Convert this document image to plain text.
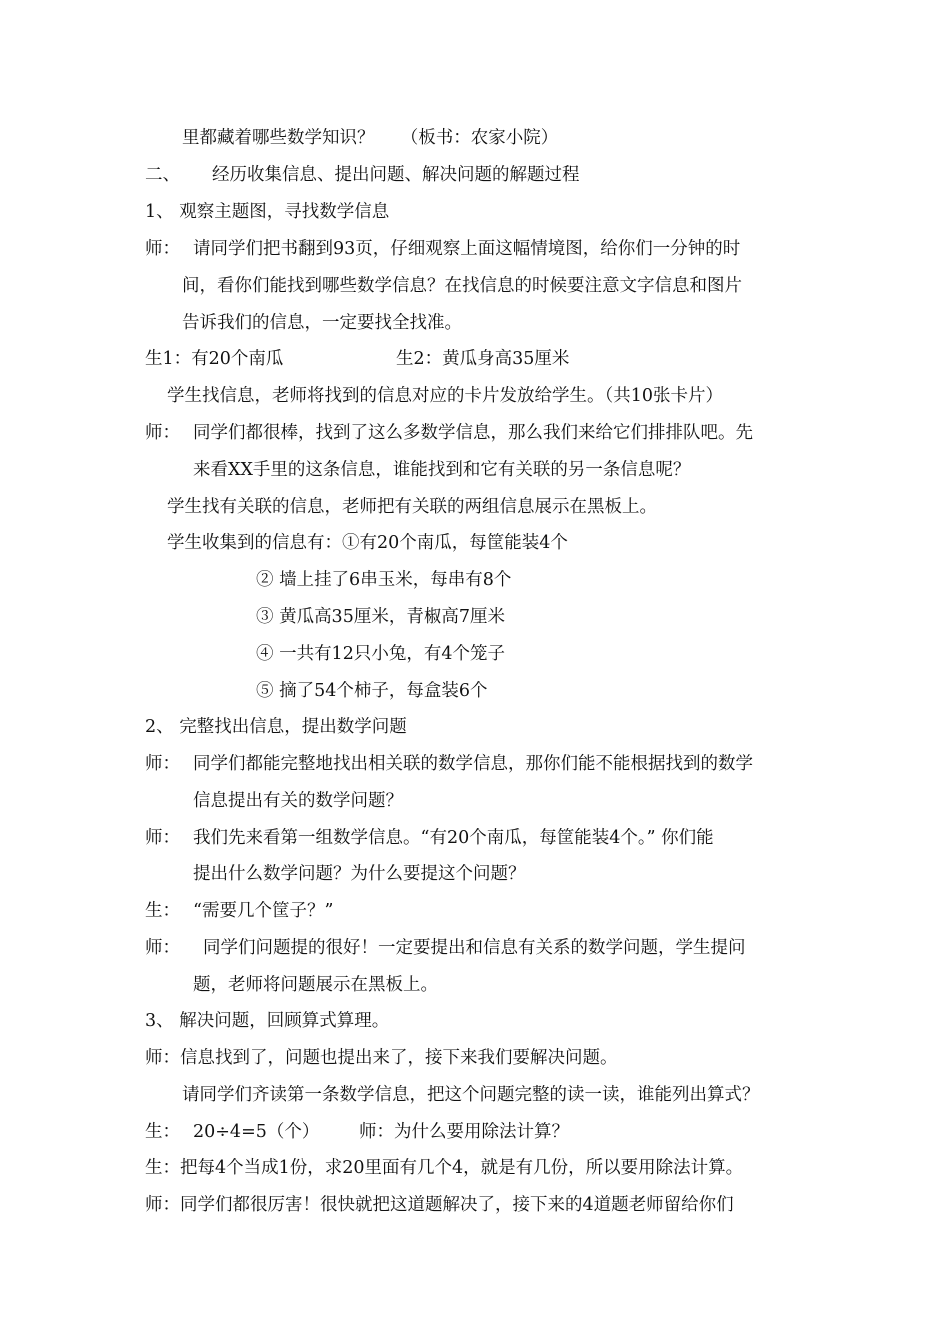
里都藏着哪些数学知识？　　（板书：农家小院）
二、 经历收集信息、提出问题、解决问题的解题过程
1、 观察主题图，寻找数学信息
师： 请同学们把书翻到93页，仔细观察上面这幅情境图，给你们一分钟的时
间，看你们能找到哪些数学信息？在找信息的时候要注意文字信息和图片
告诉我们的信息，一定要找全找准。
生1：有20个南瓜	生2：黄瓜身高35厘米
学生找信息，老师将找到的信息对应的卡片发放给学生。（共10张卡片）
师： 同学们都很棒，找到了这么多数学信息，那么我们来给它们排排队吧。先
来看XX手里的这条信息，谁能找到和它有关联的另一条信息呢？
学生找有关联的信息，老师把有关联的两组信息展示在黑板上。
学生收集到的信息有：①有20个南瓜，每筐能装4个
② 墙上挂了6串玉米，每串有8个
③ 黄瓜高35厘米，青椒高7厘米
④ 一共有12只小兔，有4个笼子
⑤ 摘了54个柿子，每盒装6个
2、 完整找出信息，提出数学问题
师： 同学们都能完整地找出相关联的数学信息，那你们能不能根据找到的数学
信息提出有关的数学问题？
师： 我们先来看第一组数学信息。“有20个南瓜，每筐能装4个。” 你们能
提出什么数学问题？为什么要提这个问题？
生： “需要几个筐子？”
师： 同学们问题提的很好！一定要提出和信息有关系的数学问题，学生提问
题，老师将问题展示在黑板上。
3、 解决问题，回顾算式算理。
师：信息找到了，问题也提出来了，接下来我们要解决问题。
请同学们齐读第一条数学信息，把这个问题完整的读一读，谁能列出算式？
生： 20÷4=5（个） 师：为什么要用除法计算？
生：把每4个当成1份，求20里面有几个4，就是有几份，所以要用除法计算。
师：同学们都很厉害！很快就把这道题解决了，接下来的4道题老师留给你们
